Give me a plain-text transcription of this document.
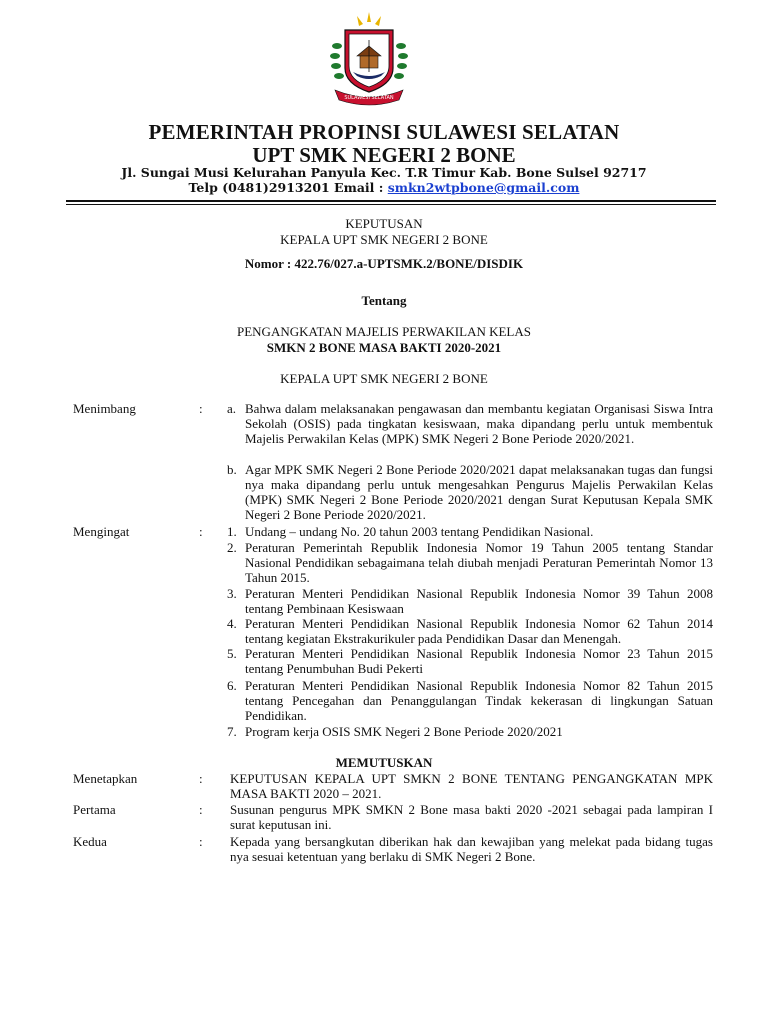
SULAWESI SELATAN
PEMERINTAH PROPINSI SULAWESI SELATAN
UPT SMK NEGERI 2 BONE
Jl. Sungai Musi Kelurahan Panyula Kec. T.R Timur Kab. Bone Sulsel 92717
Telp (0481)2913201 Email : smkn2wtpbone@gmail.com
KEPUTUSAN
KEPALA UPT SMK NEGERI 2 BONE
Nomor : 422.76/027.a-UPTSMK.2/BONE/DISDIK
Tentang
PENGANGKATAN MAJELIS PERWAKILAN KELAS
SMKN 2 BONE MASA BAKTI 2020-2021
KEPALA UPT SMK NEGERI 2 BONE
Menimbang	: a. Bahwa dalam melaksanakan pengawasan dan membantu kegiatan Organisasi Siswa Intra Sekolah (OSIS) pada tingkatan kesiswaan, maka dipandang perlu untuk membentuk Majelis Perwakilan Kelas (MPK) SMK Negeri 2 Bone Periode 2020/2021.
b. Agar MPK SMK Negeri 2 Bone Periode 2020/2021 dapat melaksanakan tugas dan fungsi nya maka dipandang perlu untuk mengesahkan Pengurus Majelis Perwakilan Kelas (MPK) SMK Negeri 2 Bone Periode 2020/2021 dengan Surat Keputusan Kepala SMK Negeri 2 Bone Periode 2020/2021.
Mengingat	: 1. Undang – undang No. 20 tahun 2003 tentang Pendidikan Nasional.
2. Peraturan Pemerintah Republik Indonesia Nomor 19 Tahun 2005 tentang Standar Nasional Pendidikan sebagaimana telah diubah menjadi Peraturan Pemerintah Nomor 13 Tahun 2015.
3. Peraturan Menteri Pendidikan Nasional Republik Indonesia Nomor 39 Tahun 2008 tentang Pembinaan Kesiswaan
4. Peraturan Menteri Pendidikan Nasional Republik Indonesia Nomor 62 Tahun 2014 tentang kegiatan Ekstrakurikuler pada Pendidikan Dasar dan Menengah.
5. Peraturan Menteri Pendidikan Nasional Republik Indonesia Nomor 23 Tahun 2015 tentang Penumbuhan Budi Pekerti
6. Peraturan Menteri Pendidikan Nasional Republik Indonesia Nomor 82 Tahun 2015 tentang Pencegahan dan Penanggulangan Tindak kekerasan di lingkungan Satuan Pendidikan.
7. Program kerja OSIS SMK Negeri 2 Bone Periode 2020/2021
MEMUTUSKAN
Menetapkan	: KEPUTUSAN KEPALA UPT SMKN 2 BONE TENTANG PENGANGKATAN MPK MASA BAKTI 2020 – 2021.
Pertama	: Susunan pengurus MPK SMKN 2 Bone masa bakti 2020 -2021 sebagai pada lampiran I surat keputusan ini.
Kedua	: Kepada yang bersangkutan diberikan hak dan kewajiban yang melekat pada bidang tugas nya sesuai ketentuan yang berlaku di SMK Negeri 2 Bone.
